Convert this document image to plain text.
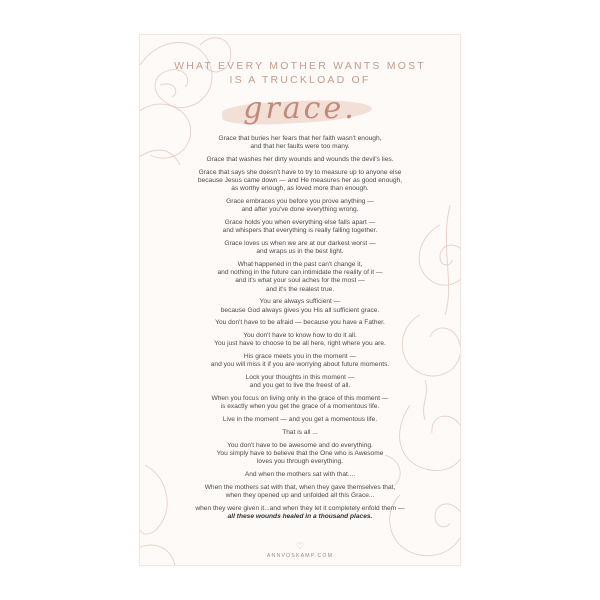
WHAT EVERY MOTHER WANTS MOST
IS A TRUCKLOAD OF
grace.
Grace that buries her fears that her faith wasn't enough,
and that her faults were too many.
Grace that washes her dirty wounds and wounds the devil's lies.
Grace that says she doesn't have to try to measure up to anyone else
because Jesus came down — and He measures her as good enough,
as worthy enough, as loved more than enough.
Grace embraces you before you prove anything —
and after you've done everything wrong.
Grace holds you when everything else falls apart —
and whispers that everything is really falling together.
Grace loves us when we are at our darkest worst —
and wraps us in the best light.
What happened in the past can't change it,
and nothing in the future can intimidate the reality of it —
and it's what your soul aches for the most —
and it's the realest true.
You are always sufficient —
because God always gives you His all sufficient grace.
You don't have to be afraid — because you have a Father.
You don't have to know how to do it all.
You just have to choose to be all here, right where you are.
His grace meets you in the moment —
and you will miss it if you are worrying about future moments.
Lock your thoughts in this moment —
and you get to live the freest of all.
When you focus on living only in the grace of this moment —
is exactly when you get the grace of a momentous life.
Live in the moment — and you get a momentous life.
That is all ...
You don't have to be awesome and do everything.
You simply have to believe that the One who is Awesome
loves you through everything.
And when the mothers sat with that....
When the mothers sat with that, when they gave themselves that,
when they opened up and unfolded all this Grace...
when they were given it...and when they let it completely enfold them —
all these wounds healed in a thousand places.
♡
ANNVOSKAMP.COM
